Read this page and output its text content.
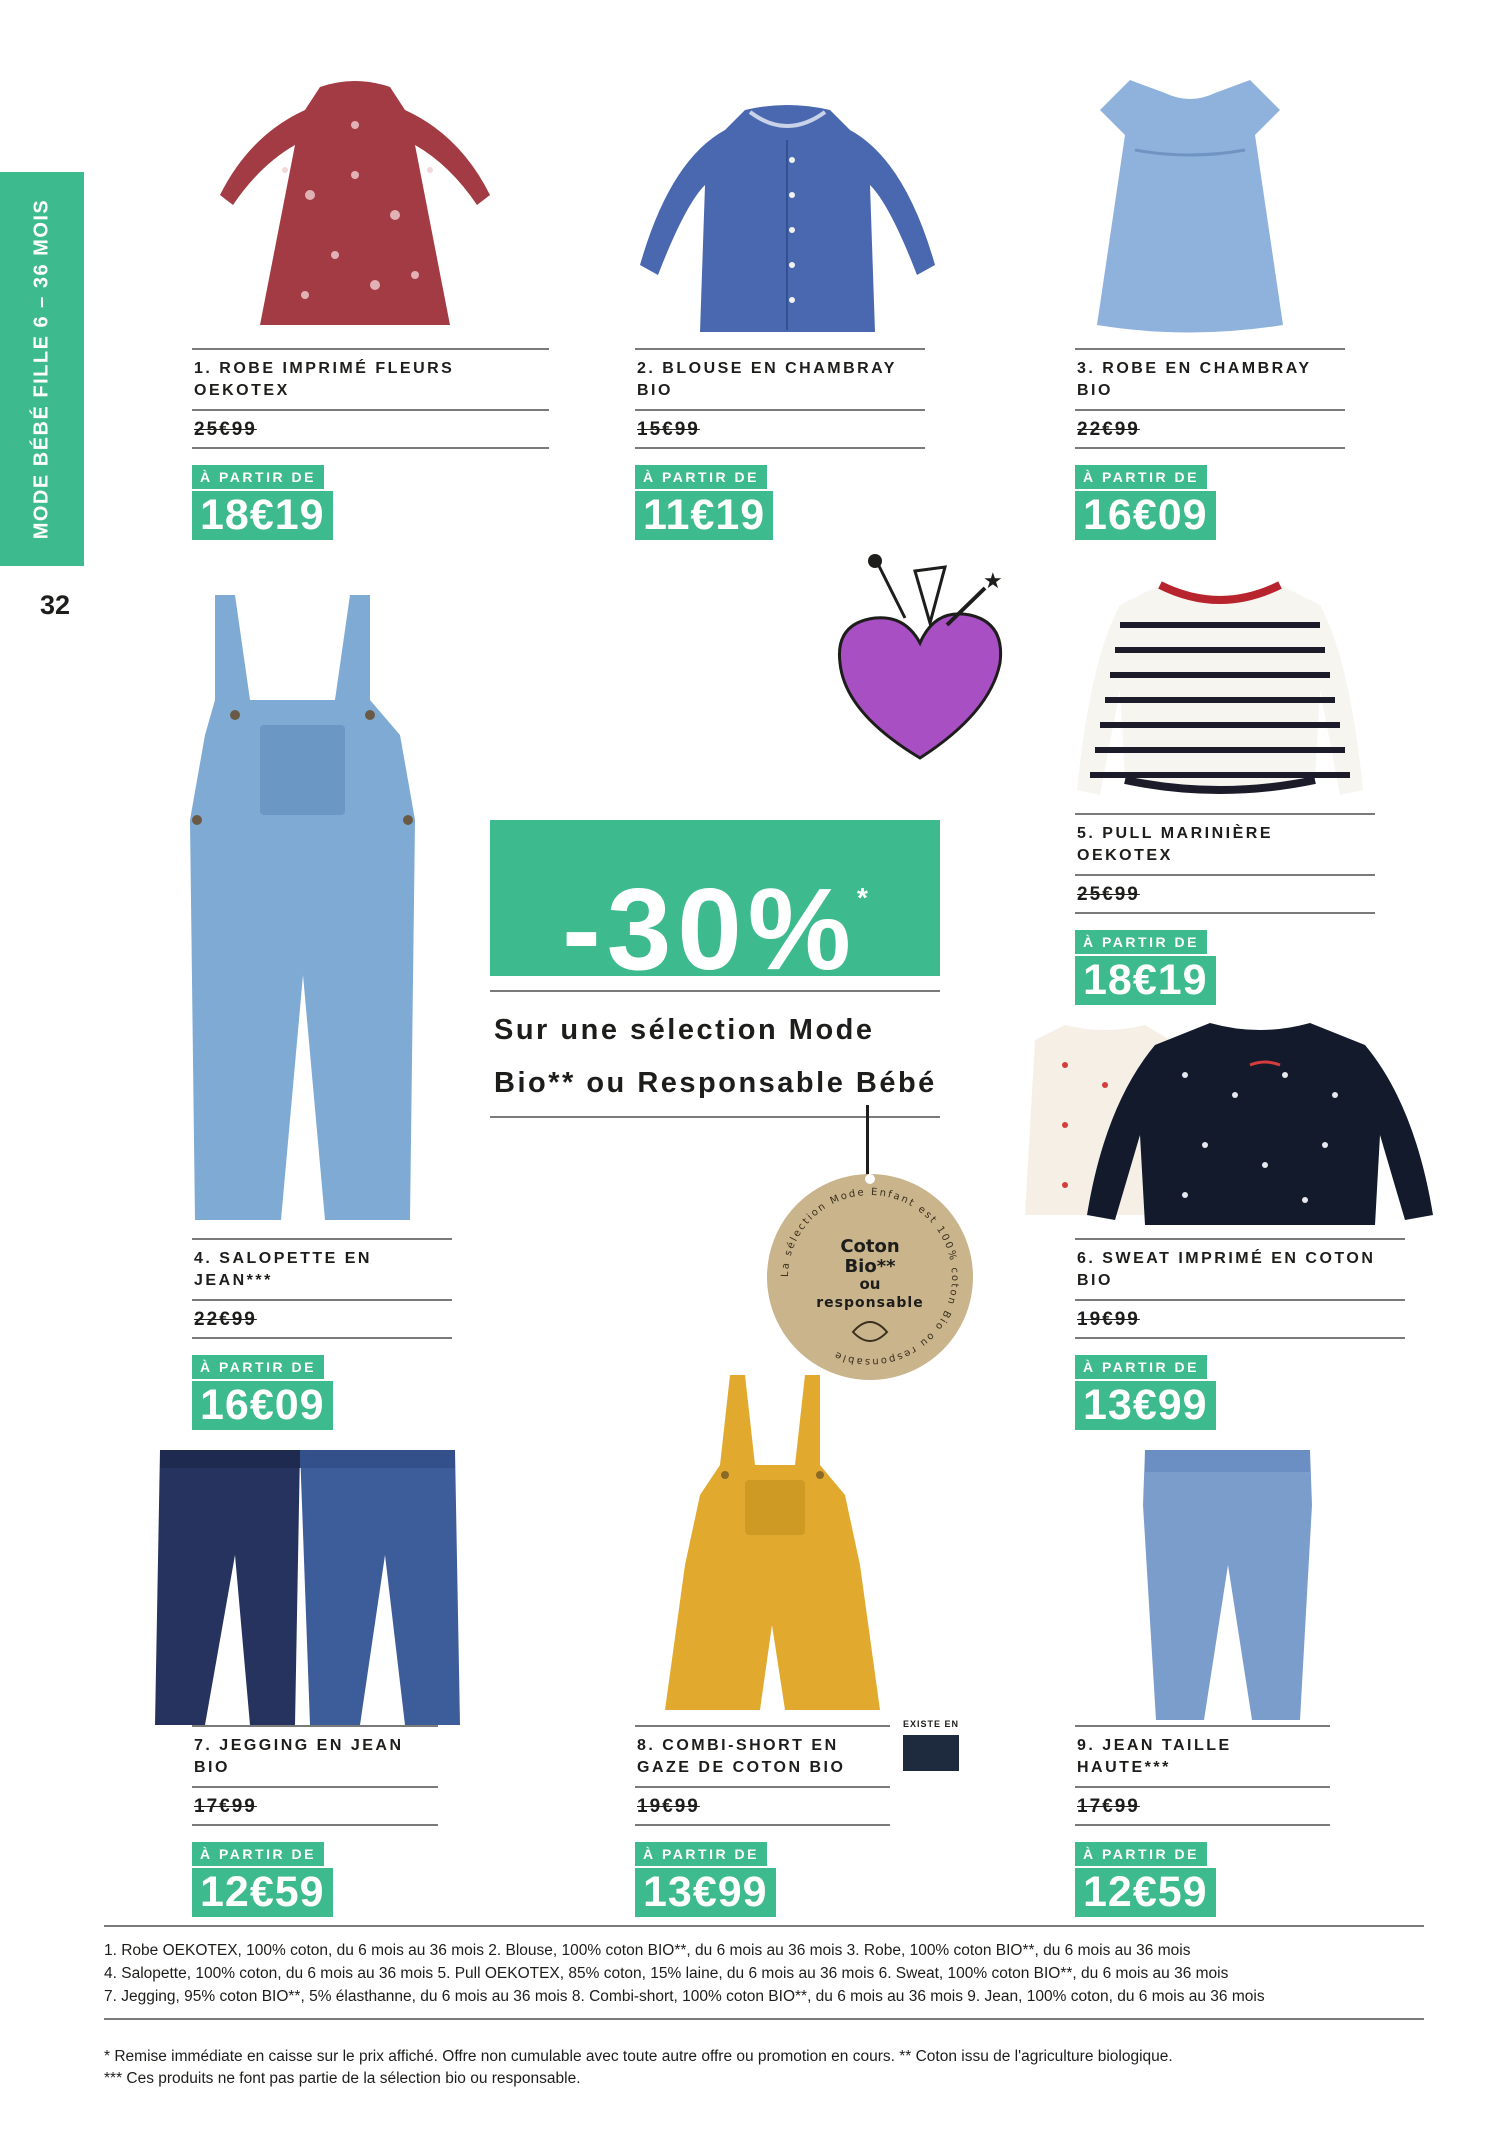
MODE BÉBÉ FILLE 6 – 36 MOIS
32
1. ROBE IMPRIMÉ FLEURS OEKOTEX
25€99
À PARTIR DE
18€19
2. BLOUSE EN CHAMBRAY BIO
15€99
À PARTIR DE
11€19
3. ROBE EN CHAMBRAY BIO
22€99
À PARTIR DE
16€09
4. SALOPETTE EN JEAN***
22€99
À PARTIR DE
16€09
5. PULL MARINIÈRE OEKOTEX
25€99
À PARTIR DE
18€19
6. SWEAT IMPRIMÉ EN COTON BIO
19€99
À PARTIR DE
13€99
7. JEGGING EN JEAN BIO
17€99
À PARTIR DE
12€59
8. COMBI-SHORT EN GAZE DE COTON BIO
19€99
À PARTIR DE
13€99
9. JEAN TAILLE HAUTE***
17€99
À PARTIR DE
12€59
★
-30%*
Sur une sélection Mode
Bio** ou Responsable Bébé
La sélection Mode Enfant est 100% coton Bio ou responsable
Coton
Bio**
ou
responsable
EXISTE EN
1. Robe OEKOTEX, 100% coton, du 6 mois au 36 mois 2. Blouse, 100% coton BIO**, du 6 mois au 36 mois 3. Robe, 100% coton BIO**, du 6 mois au 36 mois
4. Salopette, 100% coton, du 6 mois au 36 mois 5. Pull OEKOTEX, 85% coton, 15% laine, du 6 mois au 36 mois 6. Sweat, 100% coton BIO**, du 6 mois au 36 mois
7. Jegging, 95% coton BIO**, 5% élasthanne, du 6 mois au 36 mois 8. Combi-short, 100% coton BIO**, du 6 mois au 36 mois 9. Jean, 100% coton, du 6 mois au 36 mois
* Remise immédiate en caisse sur le prix affiché. Offre non cumulable avec toute autre offre ou promotion en cours. ** Coton issu de l'agriculture biologique.
*** Ces produits ne font pas partie de la sélection bio ou responsable.
